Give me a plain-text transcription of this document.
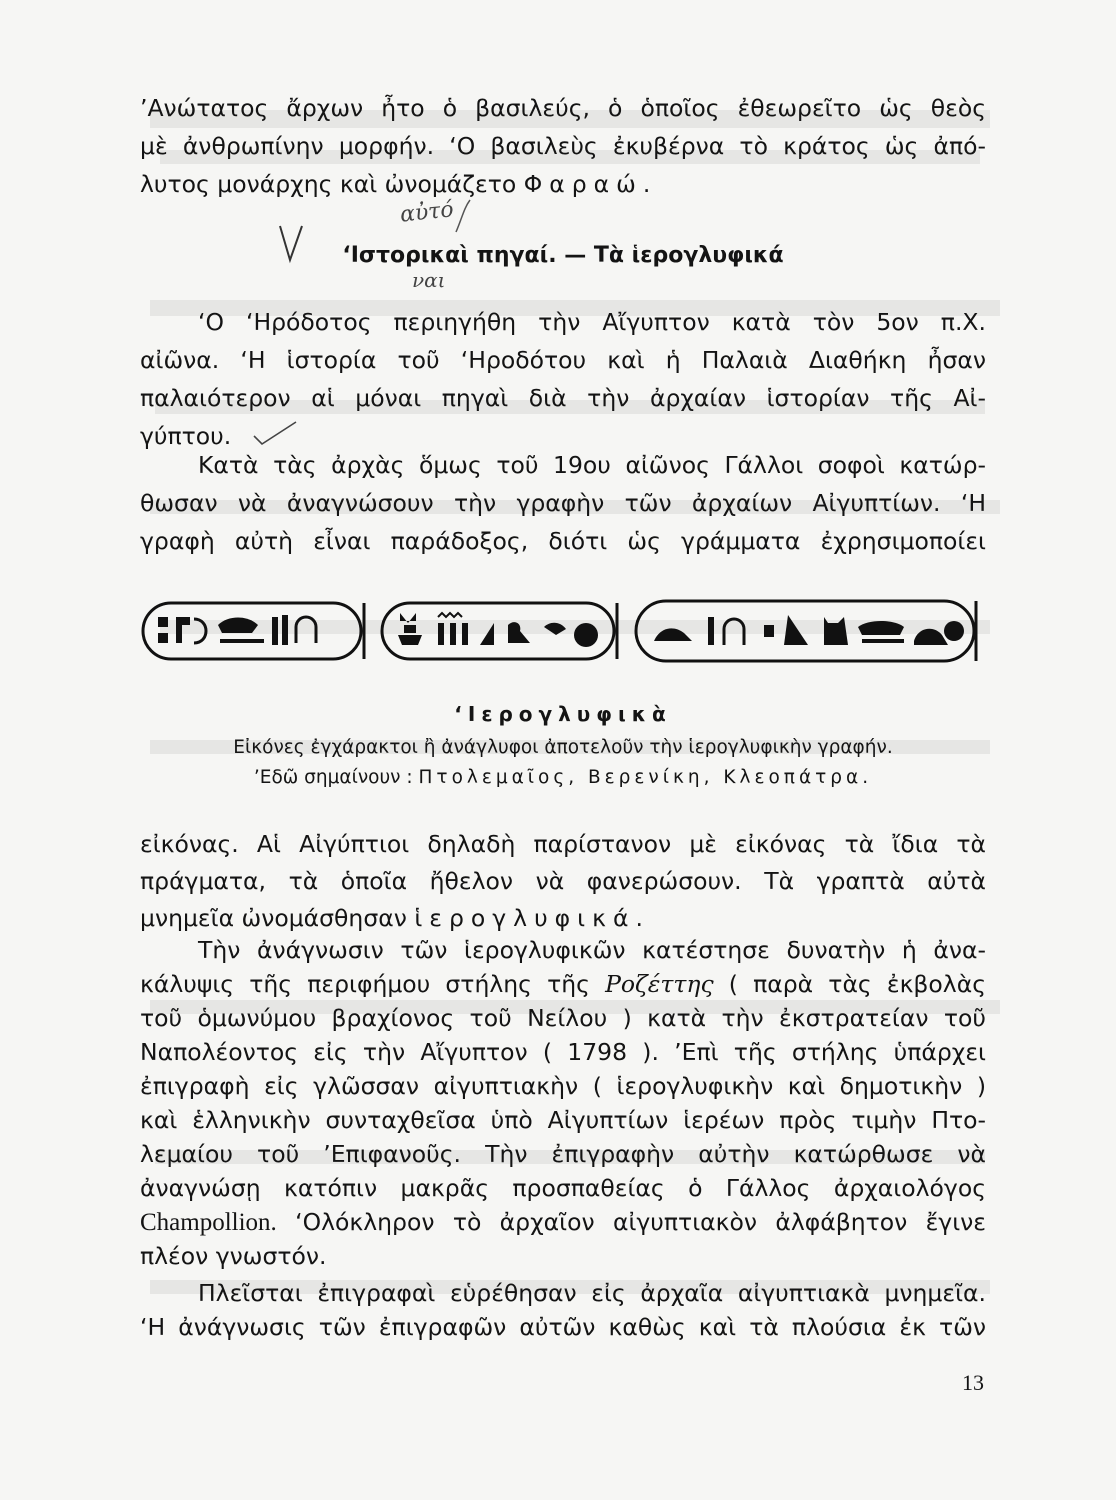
’Ανώτατος ἄρχων ἦτο ὁ βασιλεύς, ὁ ὁποῖος ἐθεωρεῖτο ὡς θεὸς
μὲ ἀνθρωπίνην μορφήν. ‘Ο βασιλεὺς ἐκυβέρνα τὸ κράτος ὡς ἀπό-
λυτος μονάρχης καὶ ὠνομάζετο Φαραώ.
αὐτό
ναι
‘Ιστορικαὶ πηγαί. — Τὰ ἱερογλυφικά
‘Ο ‘Ηρόδοτος περιηγήθη τὴν Αἴγυπτον κατὰ τὸν 5ον π.Χ.
αἰῶνα. ‘Η ἱστορία τοῦ ‘Ηροδότου καὶ ἡ Παλαιὰ Διαθήκη ἦσαν
παλαιότερον αἱ μόναι πηγαὶ διὰ τὴν ἀρχαίαν ἱστορίαν τῆς Αἰ-
γύπτου.
Κατὰ τὰς ἀρχὰς ὅμως τοῦ 19ου αἰῶνος Γάλλοι σοφοὶ κατώρ-
θωσαν νὰ ἀναγνώσουν τὴν γραφὴν τῶν ἀρχαίων Αἰγυπτίων. ‘Η
γραφὴ αὐτὴ εἶναι παράδοξος, διότι ὡς γράμματα ἐχρησιμοποίει
‘Ιερογλυφικὰ
Εἰκόνες ἐγχάρακτοι ἢ ἀνάγλυφοι ἀποτελοῦν τὴν ἱερογλυφικὴν γραφήν.
’Εδῶ σημαίνουν : Πτολεμαῖος, Βερενίκη, Κλεοπάτρα.
εἰκόνας. Αἱ Αἰγύπτιοι δηλαδὴ παρίστανον μὲ εἰκόνας τὰ ἴδια τὰ
πράγματα, τὰ ὁποῖα ἤθελον νὰ φανερώσουν. Τὰ γραπτὰ αὐτὰ
μνημεῖα ὠνομάσθησαν ἱερογλυφικά.
Τὴν ἀνάγνωσιν τῶν ἱερογλυφικῶν κατέστησε δυνατὴν ἡ ἀνα-
κάλυψις τῆς περιφήμου στήλης τῆς Ροζέττης ( παρὰ τὰς ἐκβολὰς
τοῦ ὁμωνύμου βραχίονος τοῦ Νείλου ) κατὰ τὴν ἐκστρατείαν τοῦ
Ναπολέοντος εἰς τὴν Αἴγυπτον ( 1798 ). ’Επὶ τῆς στήλης ὑπάρχει
ἐπιγραφὴ εἰς γλῶσσαν αἰγυπτιακὴν ( ἱερογλυφικὴν καὶ δημοτικὴν )
καὶ ἑλληνικὴν συνταχθεῖσα ὑπὸ Αἰγυπτίων ἱερέων πρὸς τιμὴν Πτο-
λεμαίου τοῦ ’Επιφανοῦς. Τὴν ἐπιγραφὴν αὐτὴν κατώρθωσε νὰ
ἀναγνώσῃ κατόπιν μακρᾶς προσπαθείας ὁ Γάλλος ἀρχαιολόγος
Champollion. ‘Ολόκληρον τὸ ἀρχαῖον αἰγυπτιακὸν ἀλφάβητον ἔγινε
πλέον γνωστόν.
Πλεῖσται ἐπιγραφαὶ εὑρέθησαν εἰς ἀρχαῖα αἰγυπτιακὰ μνημεῖα.
‘Η ἀνάγνωσις τῶν ἐπιγραφῶν αὐτῶν καθὼς καὶ τὰ πλούσια ἐκ τῶν
13
